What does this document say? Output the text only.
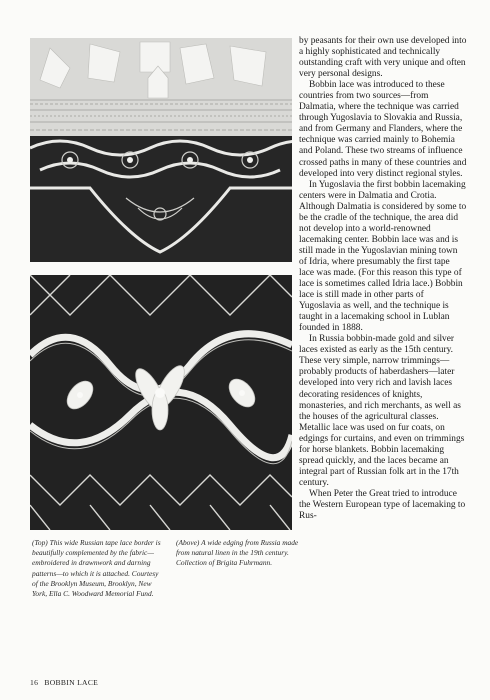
(Top) This wide Russian tape lace border is beautifully complemented by the fabric—embroidered in drawnwork and darning patterns—to which it is attached. Courtesy of the Brooklyn Museum, Brooklyn, New York, Ella C. Woodward Memorial Fund.
(Above) A wide edging from Russia made from natural linen in the 19th century. Collection of Brigita Fuhrmann.

by peasants for their own use developed into a highly sophisticated and technically outstanding craft with very unique and often very personal designs.

Bobbin lace was introduced to these countries from two sources—from Dalmatia, where the technique was carried through Yugoslavia to Slovakia and Russia, and from Germany and Flanders, where the technique was carried mainly to Bohemia and Poland. These two streams of influence crossed paths in many of these countries and developed into very distinct regional styles.

In Yugoslavia the first bobbin lacemaking centers were in Dalmatia and Crotia. Although Dalmatia is considered by some to be the cradle of the technique, the area did not develop into a world-renowned lacemaking center. Bobbin lace was and is still made in the Yugoslavian mining town of Idria, where presumably the first tape lace was made. (For this reason this type of lace is sometimes called Idria lace.) Bobbin lace is still made in other parts of Yugoslavia as well, and the technique is taught in a lacemaking school in Lublan founded in 1888.

In Russia bobbin-made gold and silver laces existed as early as the 15th century. These very simple, narrow trimmings—probably products of haberdashers—later developed into very rich and lavish laces decorating residences of knights, monasteries, and rich merchants, as well as the houses of the agricultural classes. Metallic lace was used on fur coats, on edgings for curtains, and even on trimmings for horse blankets. Bobbin lacemaking spread quickly, and the laces became an integral part of Russian folk art in the 17th century.

When Peter the Great tried to introduce the Western European type of lacemaking to Rus-

16 BOBBIN LACE
